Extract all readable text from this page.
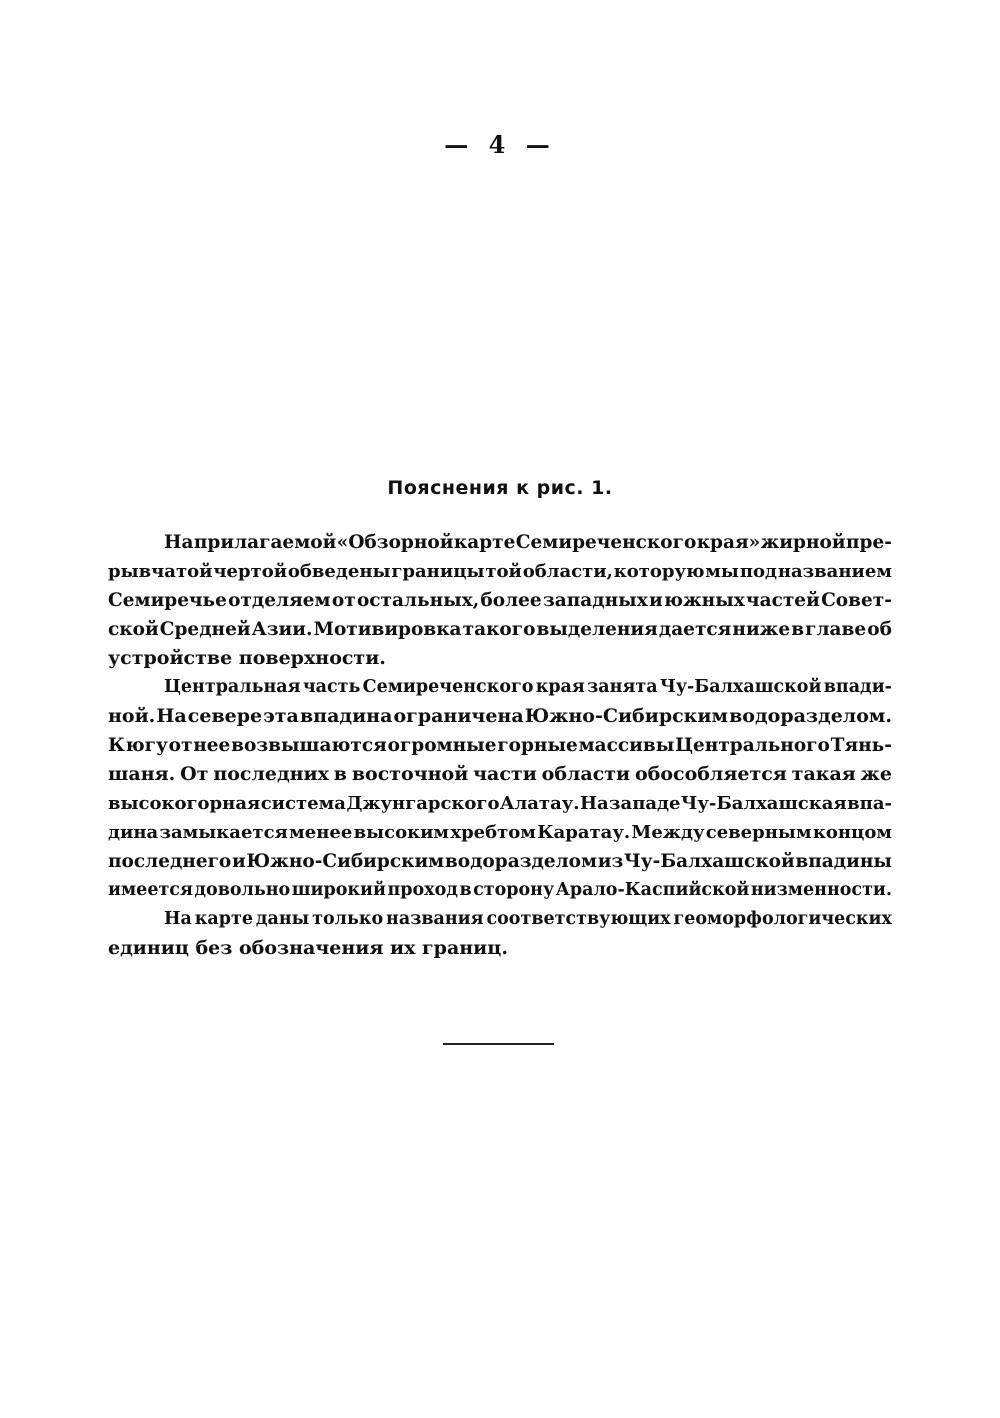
— 4 —
Пояснения к рис. 1.
На прилагаемой «Обзорной карте Семиреченского края» жирной пре-
рывчатой чертой обведены границы той области, которую мы под названием
Семиречье отделяем от остальных, более западных и южных частей Совет-
ской Средней Азии. Мотивировка такого выделения дается ниже в главе об
устройстве поверхности.
Центральная часть Семиреченского края занята Чу-Балхашской впади-
ной. На севере эта впадина ограничена Южно-Сибирским водоразделом.
К югу от нее возвышаются огромные горные массивы Центрального Тянь-
шаня. От последних в восточной части области обособляется такая же
высокогорная система Джунгарского Алатау. На западе Чу-Балхашская впа-
дина замыкается менее высоким хребтом Каратау. Между северным концом
последнего и Южно-Сибирским водоразделом из Чу-Балхашской впадины
имеется довольно широкий проход в сторону Арало-Каспийской низменности.
На карте даны только названия соответствующих геоморфологических
единиц без обозначения их границ.
